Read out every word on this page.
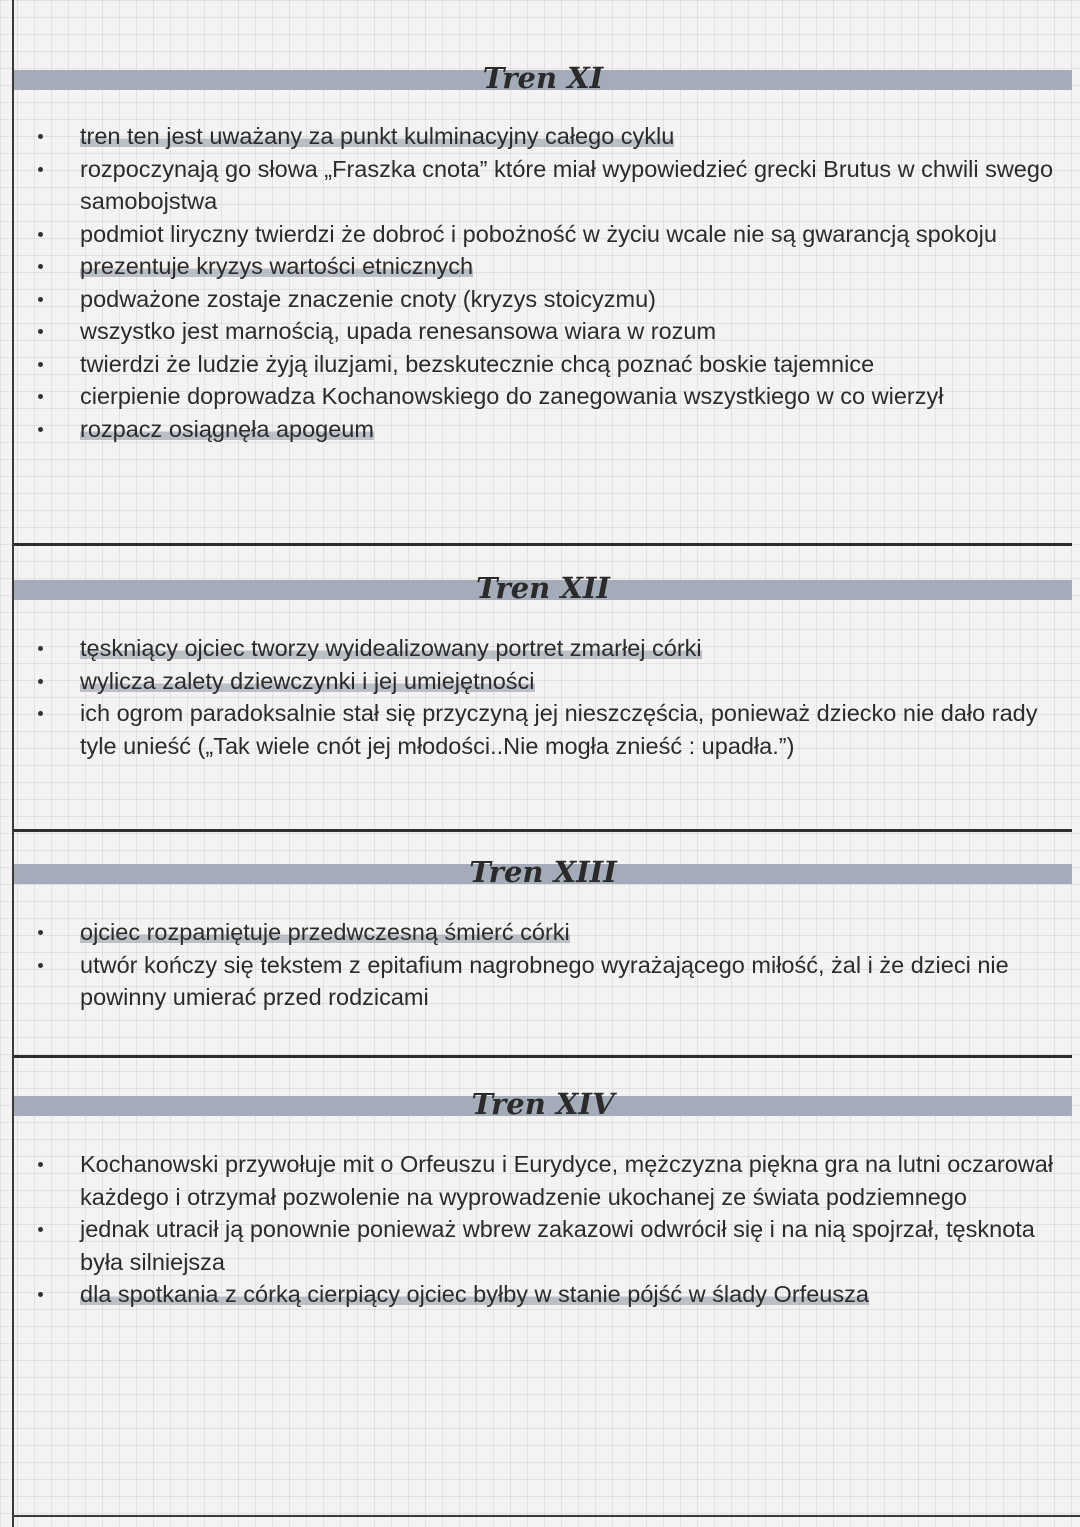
Tren XI
tren ten jest uważany za punkt kulminacyjny całego cyklu
rozpoczynają go słowa „Fraszka cnota” które miał wypowiedzieć grecki Brutus w chwili swego samobojstwa
podmiot liryczny twierdzi że dobroć i pobożność w życiu wcale nie są gwarancją spokoju
prezentuje kryzys wartości etnicznych
podważone zostaje znaczenie cnoty (kryzys stoicyzmu)
wszystko jest marnością, upada renesansowa wiara w rozum
twierdzi że ludzie żyją iluzjami, bezskutecznie chcą poznać boskie tajemnice
cierpienie doprowadza Kochanowskiego do zanegowania wszystkiego w co wierzył
rozpacz osiągnęła apogeum
Tren XII
tęskniący ojciec tworzy wyidealizowany portret zmarłej córki
wylicza zalety dziewczynki i jej umiejętności
ich ogrom paradoksalnie stał się przyczyną jej nieszczęścia, ponieważ dziecko nie dało rady tyle unieść („Tak wiele cnót jej młodości..Nie mogła znieść : upadła.”)
Tren XIII
ojciec rozpamiętuje przedwczesną śmierć córki
utwór kończy się tekstem z epitafium nagrobnego wyrażającego miłość, żal i że dzieci nie powinny umierać przed rodzicami
Tren XIV
Kochanowski przywołuje mit o Orfeuszu i Eurydyce, mężczyzna piękna gra na lutni oczarował każdego i otrzymał pozwolenie na wyprowadzenie ukochanej ze świata podziemnego
jednak utracił ją ponownie ponieważ wbrew zakazowi odwrócił się i na nią spojrzał, tęsknota była silniejsza
dla spotkania z córką cierpiący ojciec byłby w stanie pójść w ślady Orfeusza
